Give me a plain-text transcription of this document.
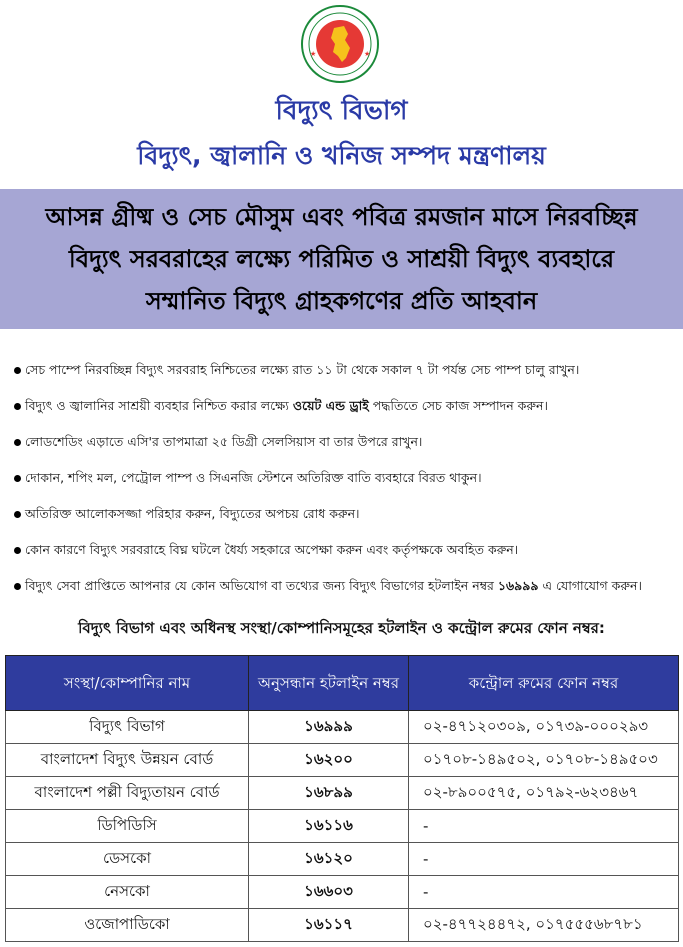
★	★
বিদ্যুৎ বিভাগ
বিদ্যুৎ, জ্বালানি ও খনিজ সম্পদ মন্ত্রণালয়
আসন্ন গ্রীষ্ম ও সেচ মৌসুম এবং পবিত্র রমজান মাসে নিরবচ্ছিন্ন
বিদ্যুৎ সরবরাহের লক্ষ্যে পরিমিত ও সাশ্রয়ী বিদ্যুৎ ব্যবহারে
সম্মানিত বিদ্যুৎ গ্রাহকগণের প্রতি আহবান
সেচ পাম্পে নিরবচ্ছিন্ন বিদ্যুৎ সরবরাহ নিশ্চিতের লক্ষ্যে রাত ১১ টা থেকে সকাল ৭ টা পর্যন্ত সেচ পাম্প চালু রাখুন।
বিদ্যুৎ ও জ্বালানির সাশ্রয়ী ব্যবহার নিশ্চিত করার লক্ষ্যে ওয়েট এন্ড ড্রাই পদ্ধতিতে সেচ কাজ সম্পাদন করুন।
লোডশেডিং এড়াতে এসি'র তাপমাত্রা ২৫ ডিগ্রী সেলসিয়াস বা তার উপরে রাখুন।
দোকান, শপিং মল, পেট্রোল পাম্প ও সিএনজি স্টেশনে অতিরিক্ত বাতি ব্যবহারে বিরত থাকুন।
অতিরিক্ত আলোকসজ্জা পরিহার করুন, বিদ্যুতের অপচয় রোধ করুন।
কোন কারণে বিদ্যুৎ সরবরাহে বিঘ্ন ঘটলে ধৈর্য্য সহকারে অপেক্ষা করুন এবং কর্তৃপক্ষকে অবহিত করুন।
বিদ্যুৎ সেবা প্রাপ্তিতে আপনার যে কোন অভিযোগ বা তথ্যের জন্য বিদ্যুৎ বিভাগের হটলাইন নম্বর ১৬৯৯৯ এ যোগাযোগ করুন।
বিদ্যুৎ বিভাগ এবং অধিনস্থ সংস্থা/কোম্পানিসমূহের হটলাইন ও কন্ট্রোল রুমের ফোন নম্বর:
সংস্থা/কোম্পানির নাম	অনুসন্ধান হটলাইন নম্বর	কন্ট্রোল রুমের ফোন নম্বর
বিদ্যুৎ বিভাগ	১৬৯৯৯	০২-৪৭১২০৩০৯, ০১৭৩৯-০০০২৯৩
বাংলাদেশ বিদ্যুৎ উন্নয়ন বোর্ড	১৬২০০	০১৭০৮-১৪৯৫০২, ০১৭০৮-১৪৯৫০৩
বাংলাদেশ পল্লী বিদ্যুতায়ন বোর্ড	১৬৮৯৯	০২-৮৯০০৫৭৫, ০১৭৯২-৬২৩৪৬৭
ডিপিডিসি	১৬১১৬	-
ডেসকো	১৬১২০	-
নেসকো	১৬৬০৩	-
ওজোপাডিকো	১৬১১৭	০২-৪৭৭২৪৪৭২, ০১৭৫৫৫৬৮৭৮১
